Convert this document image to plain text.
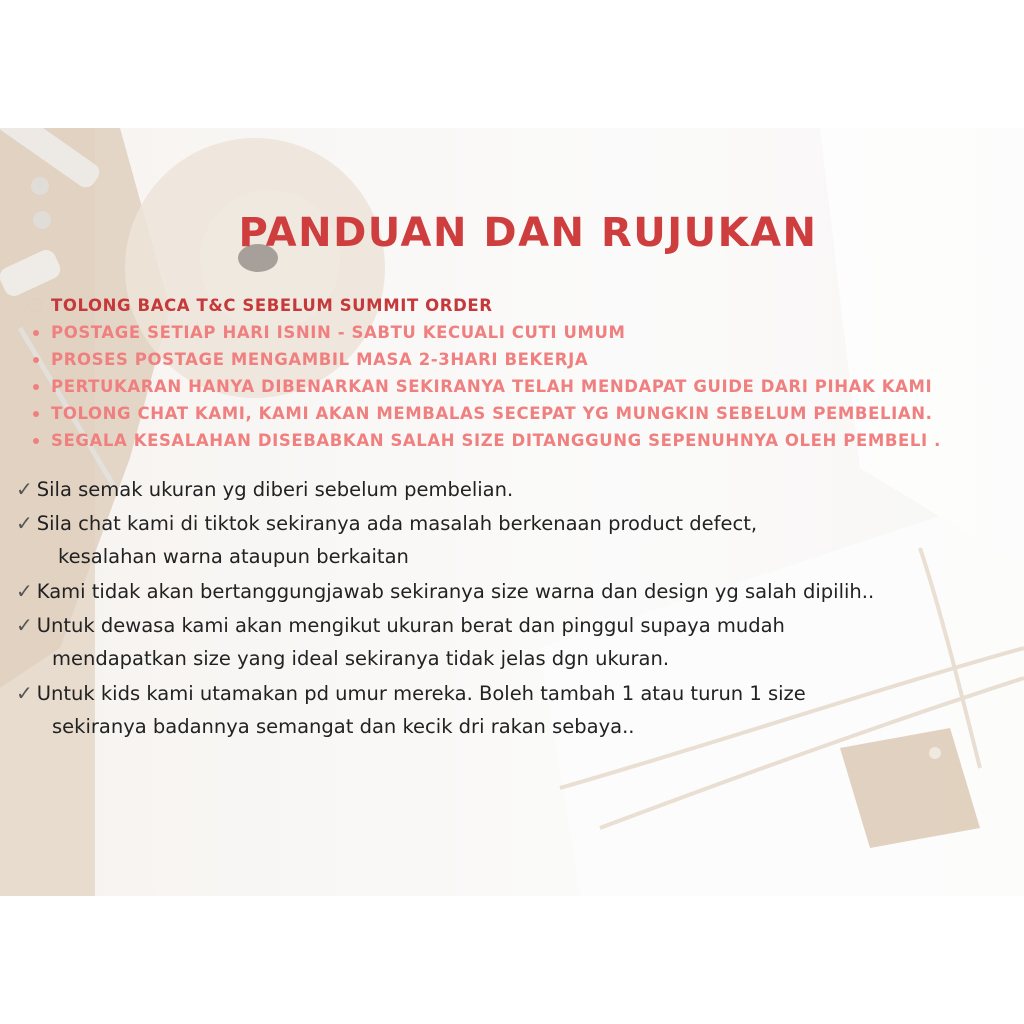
PANDUAN DAN RUJUKAN
TOLONG BACA T&C SEBELUM SUMMIT ORDER
POSTAGE SETIAP HARI ISNIN - SABTU KECUALI CUTI UMUM
PROSES POSTAGE MENGAMBIL MASA 2-3HARI BEKERJA
PERTUKARAN HANYA DIBENARKAN SEKIRANYA TELAH MENDAPAT GUIDE DARI PIHAK KAMI
TOLONG CHAT KAMI, KAMI AKAN MEMBALAS SECEPAT YG MUNGKIN SEBELUM PEMBELIAN.
SEGALA KESALAHAN DISEBABKAN SALAH SIZE DITANGGUNG SEPENUHNYA OLEH PEMBELI .
✓ Sila semak ukuran yg diberi sebelum pembelian.
✓ Sila chat kami di tiktok sekiranya ada masalah berkenaan product defect,
kesalahan warna ataupun berkaitan
✓ Kami tidak akan bertanggungjawab sekiranya size warna dan design yg salah dipilih..
✓ Untuk dewasa kami akan mengikut ukuran berat dan pinggul supaya mudah
mendapatkan size yang ideal sekiranya tidak jelas dgn ukuran.
✓ Untuk kids kami utamakan pd umur mereka. Boleh tambah 1 atau turun 1 size
sekiranya badannya semangat dan kecik dri rakan sebaya..
